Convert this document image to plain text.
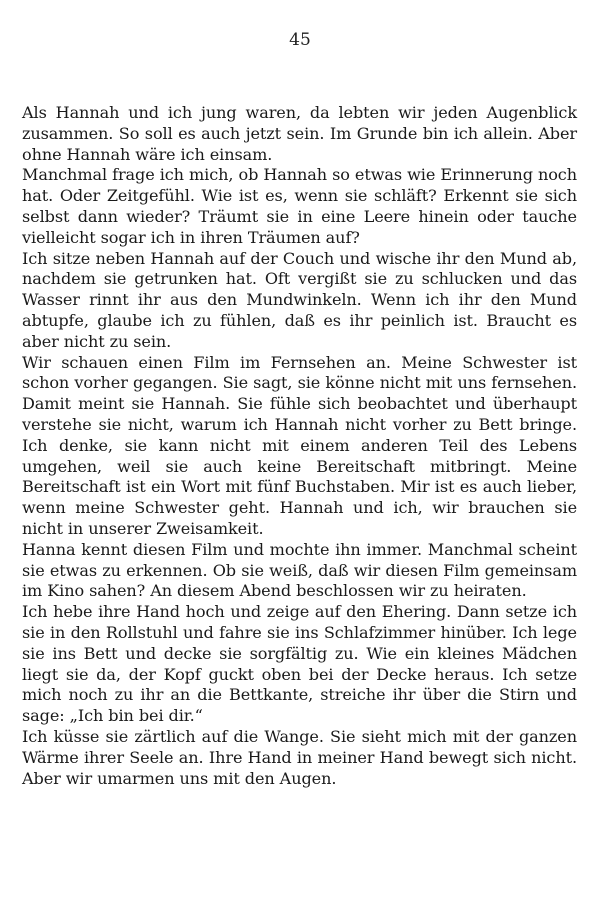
45

Als Hannah und ich jung waren, da lebten wir jeden Augenblick zusammen. So soll es auch jetzt sein. Im Grunde bin ich allein. Aber ohne Hannah wäre ich einsam.

Manchmal frage ich mich, ob Hannah so etwas wie Erinnerung noch hat. Oder Zeitgefühl. Wie ist es, wenn sie schläft? Erkennt sie sich selbst dann wieder? Träumt sie in eine Leere hinein oder tauche vielleicht sogar ich in ihren Träumen auf?

Ich sitze neben Hannah auf der Couch und wische ihr den Mund ab, nachdem sie getrunken hat. Oft vergißt sie zu schlucken und das Wasser rinnt ihr aus den Mundwinkeln. Wenn ich ihr den Mund abtupfe, glaube ich zu fühlen, daß es ihr peinlich ist. Braucht es aber nicht zu sein.

Wir schauen einen Film im Fernsehen an. Meine Schwester ist schon vorher gegangen. Sie sagt, sie könne nicht mit uns fernsehen. Damit meint sie Hannah. Sie fühle sich beobachtet und überhaupt verstehe sie nicht, warum ich Hannah nicht vorher zu Bett bringe. Ich denke, sie kann nicht mit einem anderen Teil des Lebens umgehen, weil sie auch keine Bereitschaft mitbringt. Meine Bereitschaft ist ein Wort mit fünf Buchstaben. Mir ist es auch lieber, wenn meine Schwester geht. Hannah und ich, wir brauchen sie nicht in unserer Zweisamkeit.

Hanna kennt diesen Film und mochte ihn immer. Manchmal scheint sie etwas zu erkennen. Ob sie weiß, daß wir diesen Film gemeinsam im Kino sahen? An diesem Abend beschlossen wir zu heiraten.

Ich hebe ihre Hand hoch und zeige auf den Ehering. Dann setze ich sie in den Rollstuhl und fahre sie ins Schlafzimmer hinüber. Ich lege sie ins Bett und decke sie sorgfältig zu. Wie ein kleines Mädchen liegt sie da, der Kopf guckt oben bei der Decke heraus. Ich setze mich noch zu ihr an die Bettkante, streiche ihr über die Stirn und sage: „Ich bin bei dir.“

Ich küsse sie zärtlich auf die Wange. Sie sieht mich mit der ganzen Wärme ihrer Seele an. Ihre Hand in meiner Hand bewegt sich nicht. Aber wir umarmen uns mit den Augen.
